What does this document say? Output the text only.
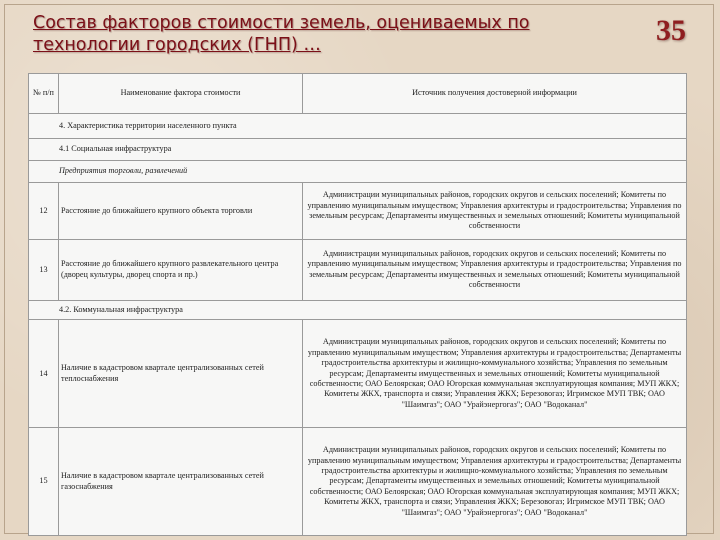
Состав факторов стоимости земель, оцениваемых по
технологии городских (ГНП) …	35
№ п/п	Наименование фактора стоимости	Источник получения достоверной информации
4. Характеристика территории населенного пункта		
4.1 Социальная инфраструктура		
Предприятия торговли, развлечений		
12	Расстояние до ближайшего крупного объекта торговли	Администрации муниципальных районов, городских округов и сельских поселений; Комитеты по управлению муниципальным имуществом; Управления архитектуры и градостроительства; Управления по земельным ресурсам; Департаменты имущественных и земельных отношений; Комитеты муниципальной собственности
13	Расстояние до ближайшего крупного развлекательного центра (дворец культуры, дворец спорта и пр.)	Администрации муниципальных районов, городских округов и сельских поселений; Комитеты по управлению муниципальным имуществом; Управления архитектуры и градостроительства; Управления по земельным ресурсам; Департаменты имущественных и земельных отношений; Комитеты муниципальной собственности
4.2. Коммунальная инфраструктура		
14	Наличие в кадастровом квартале централизованных сетей теплоснабжения	Администрации муниципальных районов, городских округов и сельских поселений; Комитеты по управлению муниципальным имуществом; Управления архитектуры и градостроительства; Департаменты градостроительства архитектуры и жилищно-коммунального хозяйства; Управления по земельным ресурсам; Департаменты имущественных и земельных отношений; Комитеты муниципальной собственности; ОАО Белоярская; ОАО Югорская коммунальная эксплуатирующая компания; МУП ЖКХ; Комитеты ЖКХ, транспорта и связи; Управления ЖКХ; Березовогаз; Игримское МУП ТВК; ОАО "Шаимгаз"; ОАО "Урайэнергогаз"; ОАО "Водоканал"
15	Наличие в кадастровом квартале централизованных сетей газоснабжения	Администрации муниципальных районов, городских округов и сельских поселений; Комитеты по управлению муниципальным имуществом; Управления архитектуры и градостроительства; Департаменты градостроительства архитектуры и жилищно-коммунального хозяйства; Управления по земельным ресурсам; Департаменты имущественных и земельных отношений; Комитеты муниципальной собственности; ОАО Белоярская; ОАО Югорская коммунальная эксплуатирующая компания; МУП ЖКХ; Комитеты ЖКХ, транспорта и связи; Управления ЖКХ; Березовогаз; Игримское МУП ТВК; ОАО "Шаимгаз"; ОАО "Урайэнергогаз"; ОАО "Водоканал"
